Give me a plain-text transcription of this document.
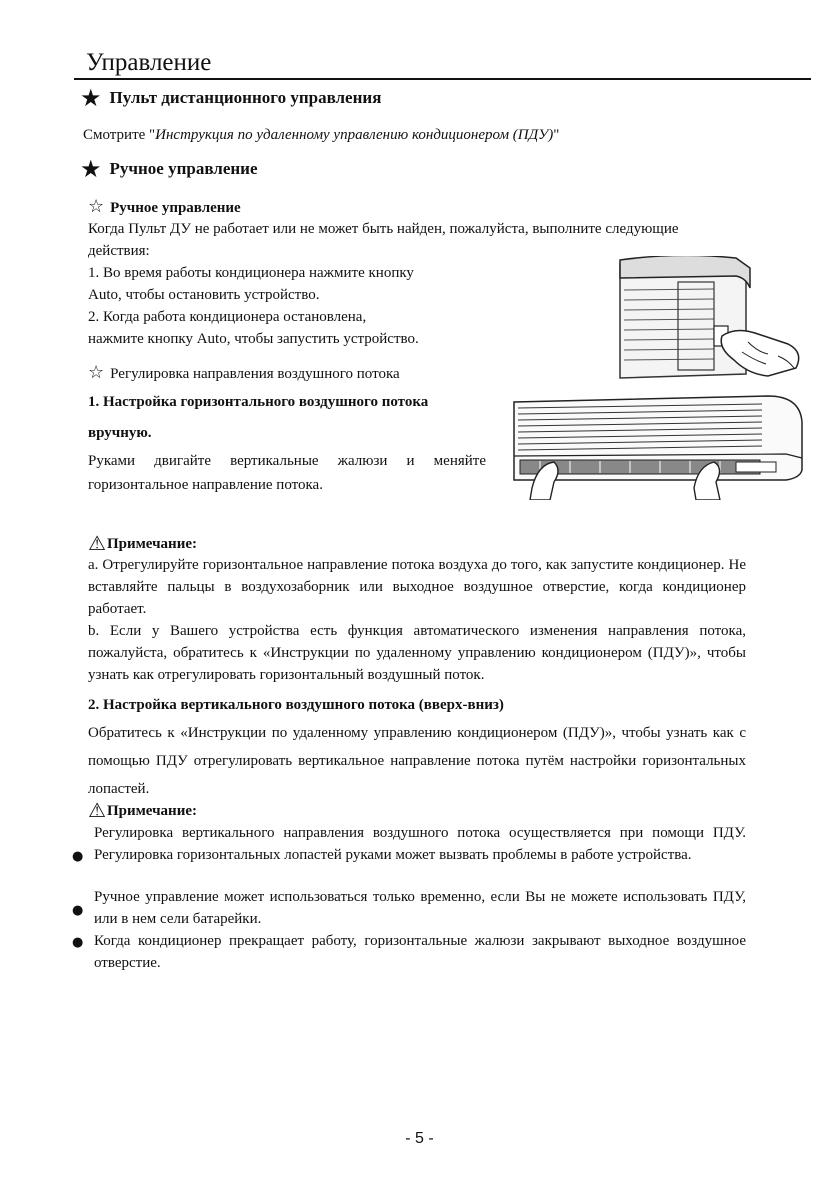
Управление
★ Пульт дистанционного управления
Смотрите "Инструкция по удаленному управлению кондиционером (ПДУ)"
★ Ручное управление
☆ Ручное управление
Когда Пульт ДУ не работает или не может быть найден, пожалуйста, выполните следующие действия:
1. Во время работы кондиционера нажмите кнопку
Auto, чтобы остановить устройство.
2. Когда работа кондиционера остановлена,
нажмите кнопку Auto, чтобы запустить устройство.
☆ Регулировка направления воздушного потока
1. Настройка горизонтального воздушного потока
вручную.
Руками двигайте вертикальные жалюзи и меняйте горизонтальное направление потока.
⚠Примечание:
a. Отрегулируйте горизонтальное направление потока воздуха до того, как запустите кондиционер. Не вставляйте пальцы в воздухозаборник или выходное воздушное отверстие, когда кондиционер работает.
b. Если у Вашего устройства есть функция автоматического изменения направления потока, пожалуйста, обратитесь к «Инструкции по удаленному управлению кондиционером (ПДУ)», чтобы узнать как отрегулировать горизонтальный воздушный поток.
2. Настройка вертикального воздушного потока (вверх-вниз)
Обратитесь к «Инструкции по удаленному управлению кондиционером (ПДУ)», чтобы узнать как с помощью ПДУ отрегулировать вертикальное направление потока путём настройки горизонтальных лопастей.
⚠Примечание:
●
Регулировка вертикального направления воздушного потока осуществляется при помощи ПДУ. Регулировка горизонтальных лопастей руками может вызвать проблемы в работе устройства.
●
Ручное управление может использоваться только временно, если Вы не можете использовать ПДУ, или в нем сели батарейки.
● Когда кондиционер прекращает работу, горизонтальные жалюзи закрывают выходное воздушное отверстие.
- 5 -
